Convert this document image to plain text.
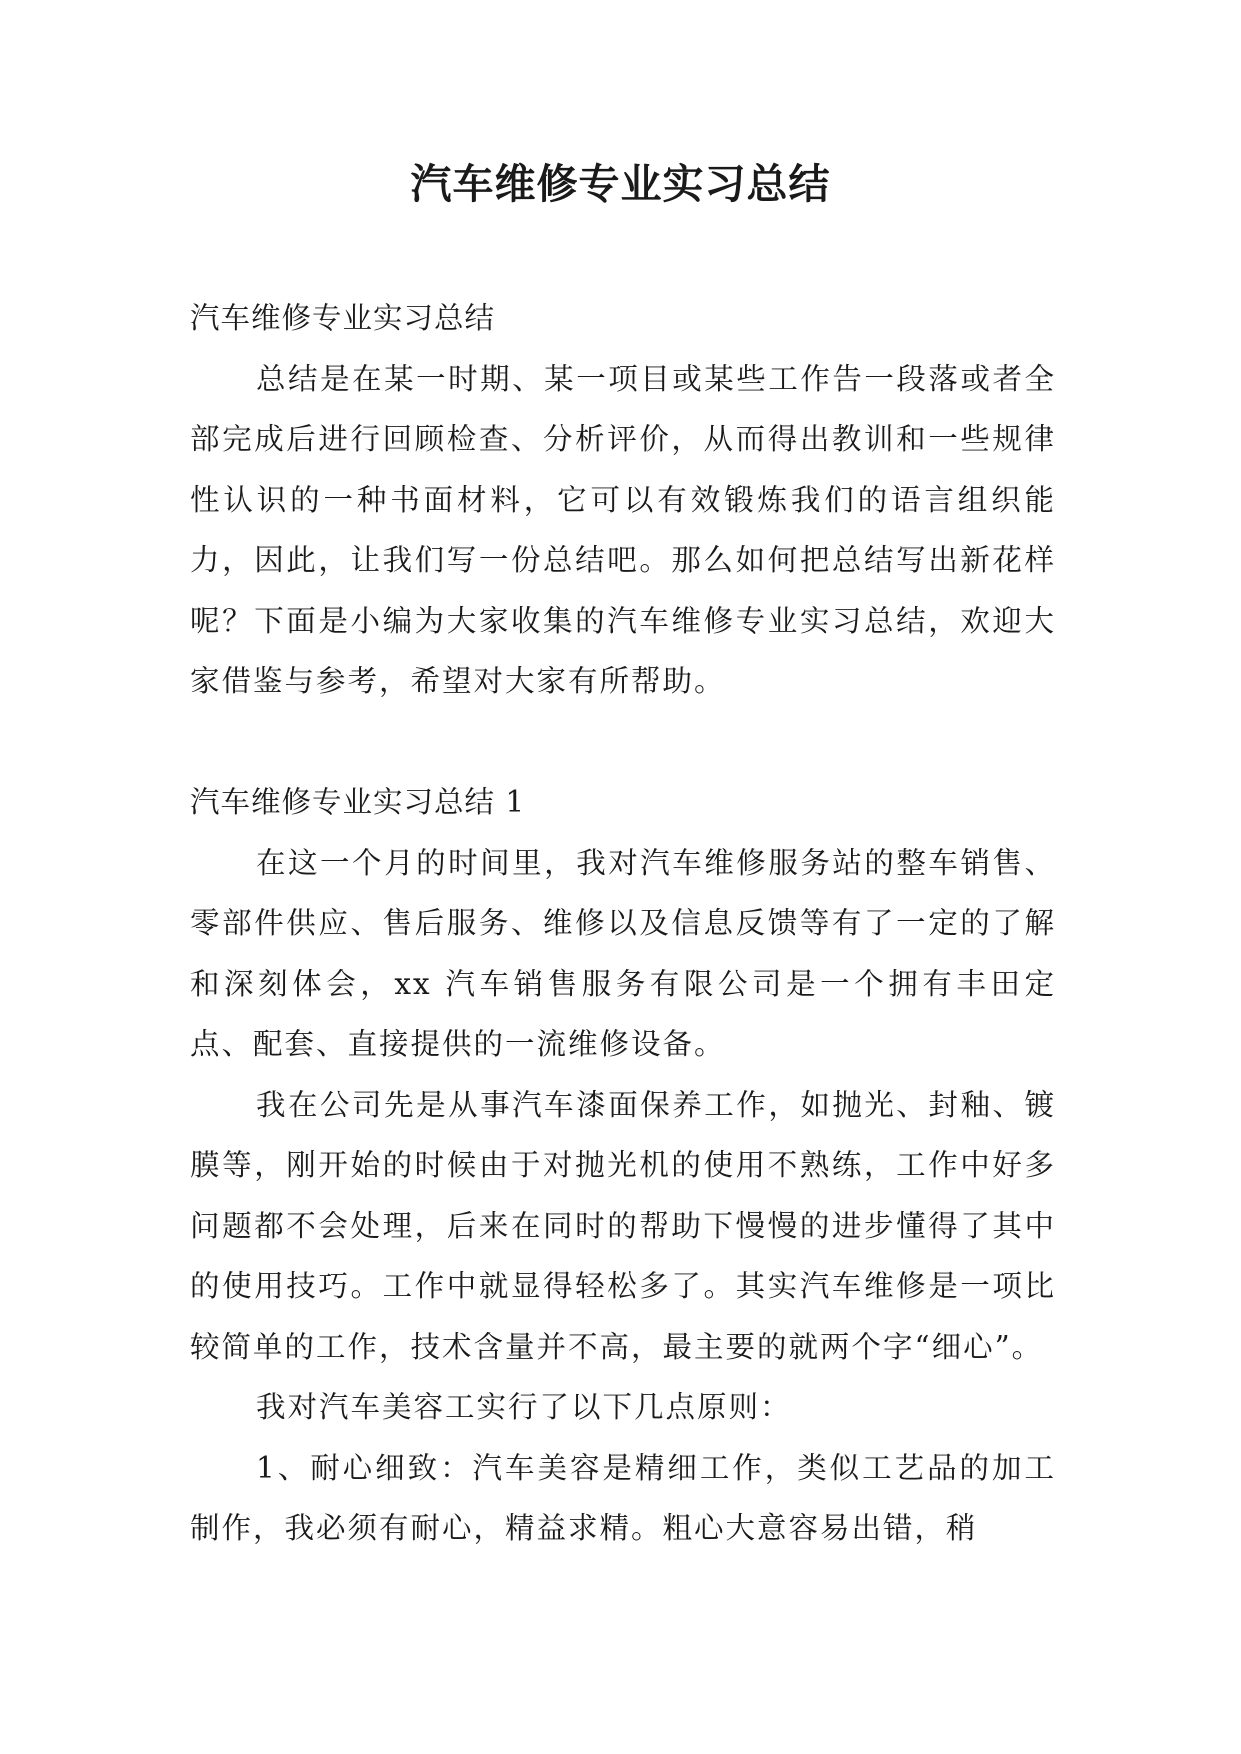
汽车维修专业实习总结

汽车维修专业实习总结

总结是在某一时期、某一项目或某些工作告一段落或者全部完成后进行回顾检查、分析评价，从而得出教训和一些规律性认识的一种书面材料，它可以有效锻炼我们的语言组织能力，因此，让我们写一份总结吧。那么如何把总结写出新花样呢？下面是小编为大家收集的汽车维修专业实习总结，欢迎大家借鉴与参考，希望对大家有所帮助。

汽车维修专业实习总结 1

在这一个月的时间里，我对汽车维修服务站的整车销售、零部件供应、售后服务、维修以及信息反馈等有了一定的了解和深刻体会，xx 汽车销售服务有限公司是一个拥有丰田定点、配套、直接提供的一流维修设备。

我在公司先是从事汽车漆面保养工作，如抛光、封釉、镀膜等，刚开始的时候由于对抛光机的使用不熟练，工作中好多问题都不会处理，后来在同时的帮助下慢慢的进步懂得了其中的使用技巧。工作中就显得轻松多了。其实汽车维修是一项比较简单的工作，技术含量并不高，最主要的就两个字“细心”。

我对汽车美容工实行了以下几点原则：

1、耐心细致：汽车美容是精细工作，类似工艺品的加工制作，我必须有耐心，精益求精。粗心大意容易出错，稍
